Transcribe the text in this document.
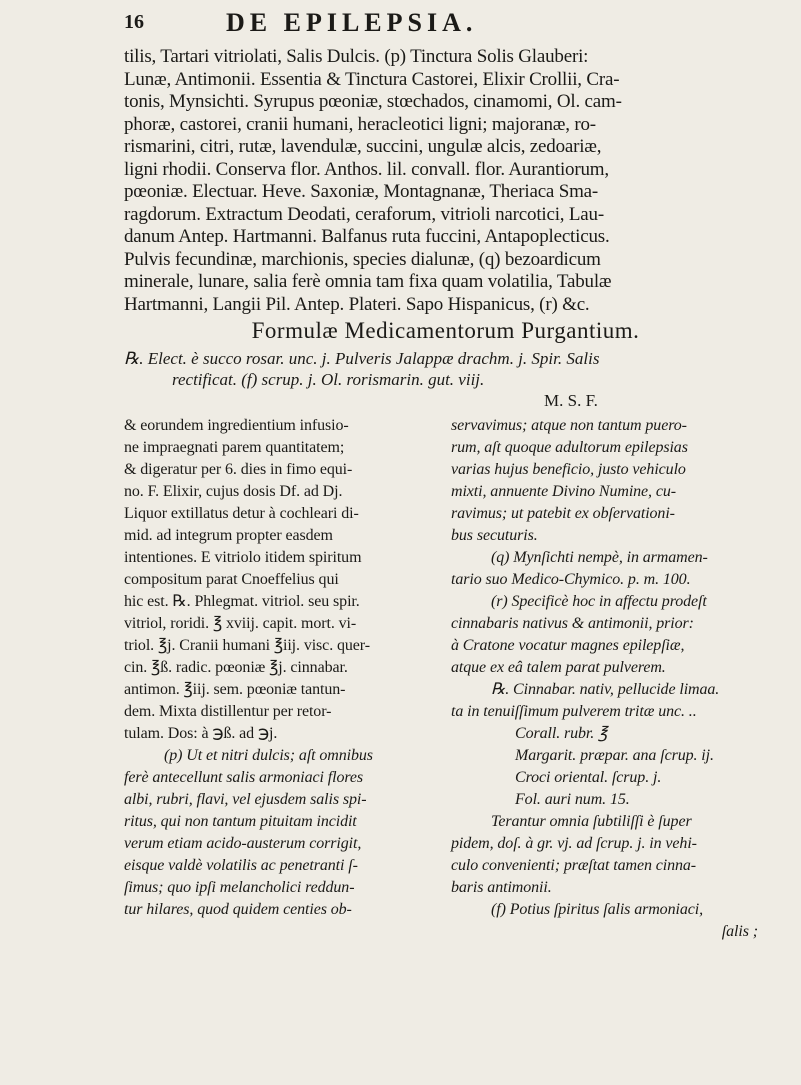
16	DE EPILEPSIA.
tilis, Tartari vitriolati, Salis Dulcis. (p) Tinctura Solis Glauberi:
Lunæ, Antimonii. Essentia & Tinctura Castorei, Elixir Crollii, Cra-
tonis, Mynsichti. Syrupus pœoniæ, stœchados, cinamomi, Ol. cam-
phoræ, castorei, cranii humani, heracleotici ligni; majoranæ, ro-
rismarini, citri, rutæ, lavendulæ, succini, ungulæ alcis, zedoariæ,
ligni rhodii. Conserva flor. Anthos. lil. convall. flor. Aurantiorum,
pœoniæ. Electuar. Heve. Saxoniæ, Montagnanæ, Theriaca Sma-
ragdorum. Extractum Deodati, ceraforum, vitrioli narcotici, Lau-
danum Antep. Hartmanni. Balfanus ruta fuccini, Antapoplecticus.
Pulvis fecundinæ, marchionis, species dialunæ, (q) bezoardicum
minerale, lunare, salia ferè omnia tam fixa quam volatilia, Tabulæ
Hartmanni, Langii Pil. Antep. Plateri. Sapo Hispanicus, (r) &c.
Formulæ Medicamentorum Purgantium.
℞. Elect. è succo rosar. unc. j. Pulveris Jalappæ drachm. j. Spir. Salis
rectificat. (f) scrup. j. Ol. rorismarin. gut. viij.
M. S. F.
& eorundem ingredientium infusio-
ne impraegnati parem quantitatem;
& digeratur per 6. dies in fimo equi-
no. F. Elixir, cujus dosis Df. ad Dj.
Liquor extillatus detur à cochleari di-
mid. ad integrum propter easdem
intentiones. E vitriolo itidem spiritum
compositum parat Cnoeffelius qui
hic est. ℞. Phlegmat. vitriol. seu spir.
vitriol, roridi. ℥ xviij. capit. mort. vi-
triol. ℥j. Cranii humani ℥iij. visc. quer-
cin. ℥ß. radic. pœoniæ ℥j. cinnabar.
antimon. ℥iij. sem. pœoniæ tantun-
dem. Mixta distillentur per retor-
tulam. Dos: à ℈ß. ad ℈j.
(p) Ut et nitri dulcis; aſt omnibus
ferè antecellunt salis armoniaci flores
albi, rubri, flavi, vel ejusdem salis spi-
ritus, qui non tantum pituitam incidit
verum etiam acido-austerum corrigit,
eisque valdè volatilis ac penetranti ſ-
ſimus; quo ipſi melancholici reddun-
tur hilares, quod quidem centies ob-
servavimus; atque non tantum puero-
rum, aſt quoque adultorum epilepsias
varias hujus beneficio, justo vehiculo
mixti, annuente Divino Numine, cu-
ravimus; ut patebit ex obſervationi-
bus secuturis.
(q) Mynſichti nempè, in armamen-
tario suo Medico-Chymico. p. m. 100.
(r) Specificè hoc in affectu prodeſt
cinnabaris nativus & antimonii, prior:
à Cratone vocatur magnes epilepſiæ,
atque ex eâ talem parat pulverem.
℞. Cinnabar. nativ, pellucide limaa.
ta in tenuiſſimum pulverem tritæ unc. ..
Corall. rubr. ℥
Margarit. præpar. ana ſcrup. ij.
Croci oriental. ſcrup. j.
Fol. auri num. 15.
Terantur omnia ſubtiliſſi è ſuper
pidem, doſ. à gr. vj. ad ſcrup. j. in vehi-
culo convenienti; præſtat tamen cinna-
baris antimonii.
(f) Potius ſpiritus ſalis armoniaci,
ſalis ;
